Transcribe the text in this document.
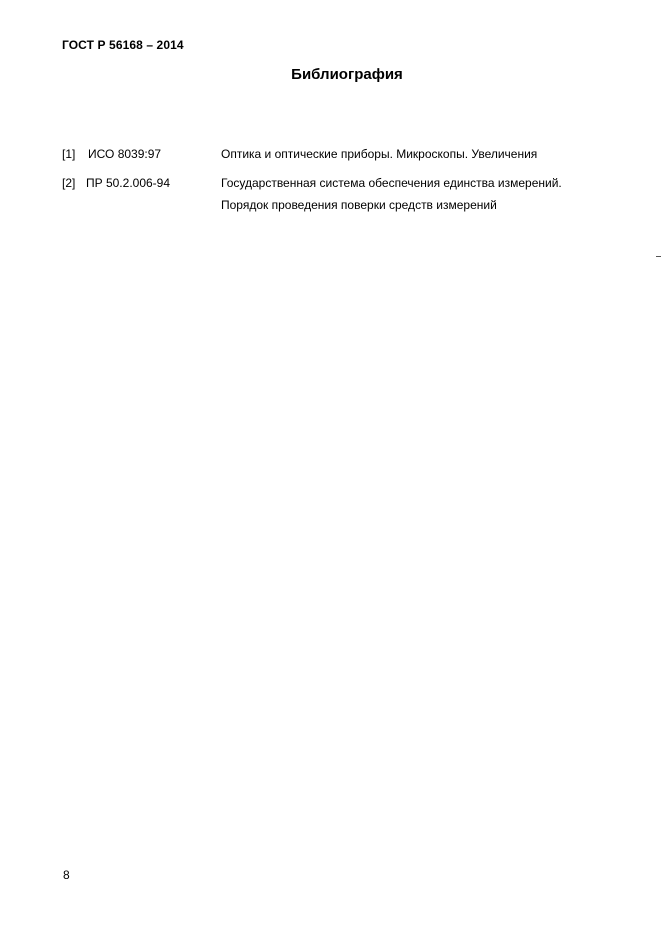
ГОСТ Р 56168 – 2014
Библиография
[1]	ИСО 8039:97	Оптика и оптические приборы. Микроскопы. Увеличения
[2] ПР 50.2.006-94	Государственная система обеспечения единства измерений.
Порядок проведения поверки средств измерений
8
